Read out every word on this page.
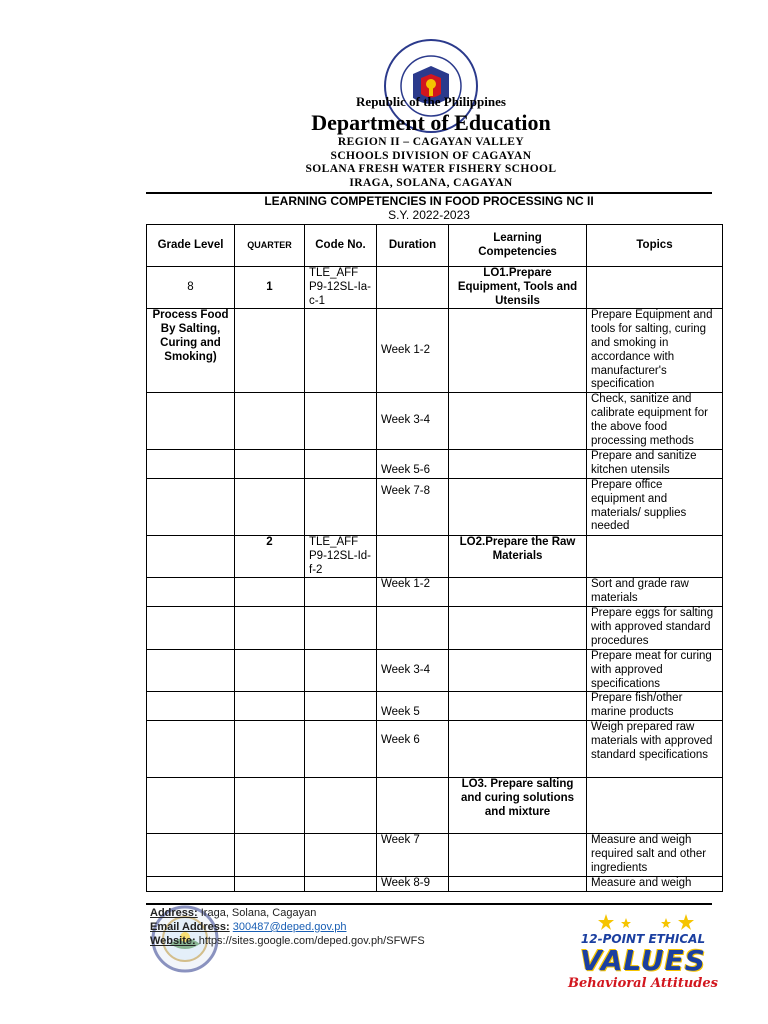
Republic of the Philippines
Department of Education
REGION II – CAGAYAN VALLEY
SCHOOLS DIVISION OF CAGAYAN
SOLANA FRESH WATER FISHERY SCHOOL
IRAGA, SOLANA, CAGAYAN
LEARNING COMPETENCIES IN FOOD PROCESSING NC II
S.Y. 2022-2023
Grade Level	QUARTER	Code No.	Duration	Learning Competencies	Topics
8	1	TLE_AFF P9-12SL-Ia-c-1		LO1.Prepare Equipment, Tools and Utensils	
Process Food By Salting, Curing and Smoking)			Week 1-2		Prepare Equipment and tools for salting, curing and smoking in accordance with manufacturer's specification
			Week 3-4		Check, sanitize and calibrate equipment for the above food processing methods
			Week 5-6		Prepare and sanitize kitchen utensils
			Week 7-8		Prepare office equipment and materials/ supplies needed
	2	TLE_AFF P9-12SL-Id-f-2		LO2.Prepare the Raw Materials	
			Week 1-2		Sort and grade raw materials
					Prepare eggs for salting with approved standard procedures
			Week 3-4		Prepare meat for curing with approved specifications
			Week 5		Prepare fish/other marine products
			Week 6		Weigh prepared raw materials with approved standard specifications
				LO3. Prepare salting and curing solutions and mixture	
			Week 7		Measure and weigh required salt and other ingredients
			Week 8-9		Measure and weigh
Address: Iraga, Solana, Cagayan
Email Address: 300487@deped.gov.ph
Website: https://sites.google.com/deped.gov.ph/SFWFS	12-POINT ETHICAL
VALUES
Behavioral Attitudes
